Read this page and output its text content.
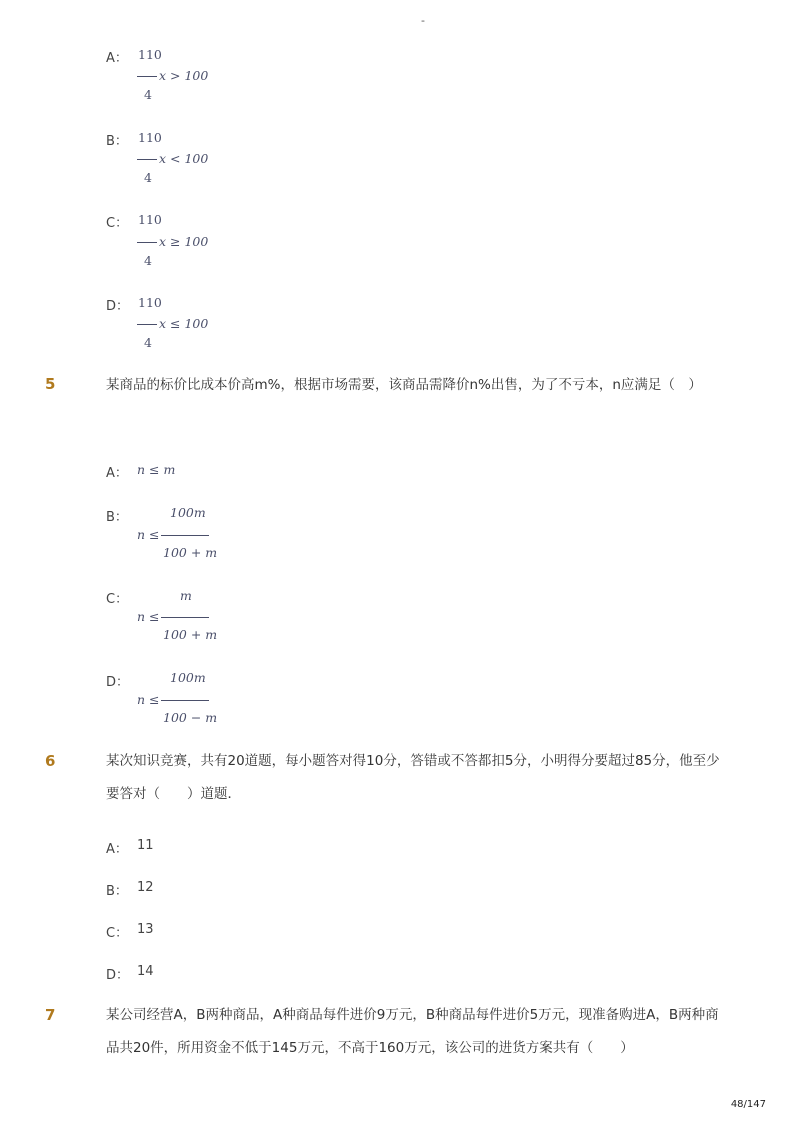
-
A： 110
x > 100
4
B： 110
x < 100
4
C： 110
x ≥ 100
4
D： 110
x ≤ 100
4
5	某商品的标价比成本价高m%，根据市场需要，该商品需降价n%出售，为了不亏本，n应满足（　）
A： n ≤ m
B：
n ≤
100m
100 + m
C：
n ≤
m
100 + m
D：
n ≤
100m
100 − m
6	某次知识竞赛，共有20道题，每小题答对得10分，答错或不答都扣5分，小明得分要超过85分，他至少要答对（　　）道题．
A： 11
B： 12
C： 13
D： 14
7	某公司经营A，B两种商品，A种商品每件进价9万元，B种商品每件进价5万元，现准备购进A，B两种商品共20件，所用资金不低于145万元，不高于160万元，该公司的进货方案共有（　　）
48/147
